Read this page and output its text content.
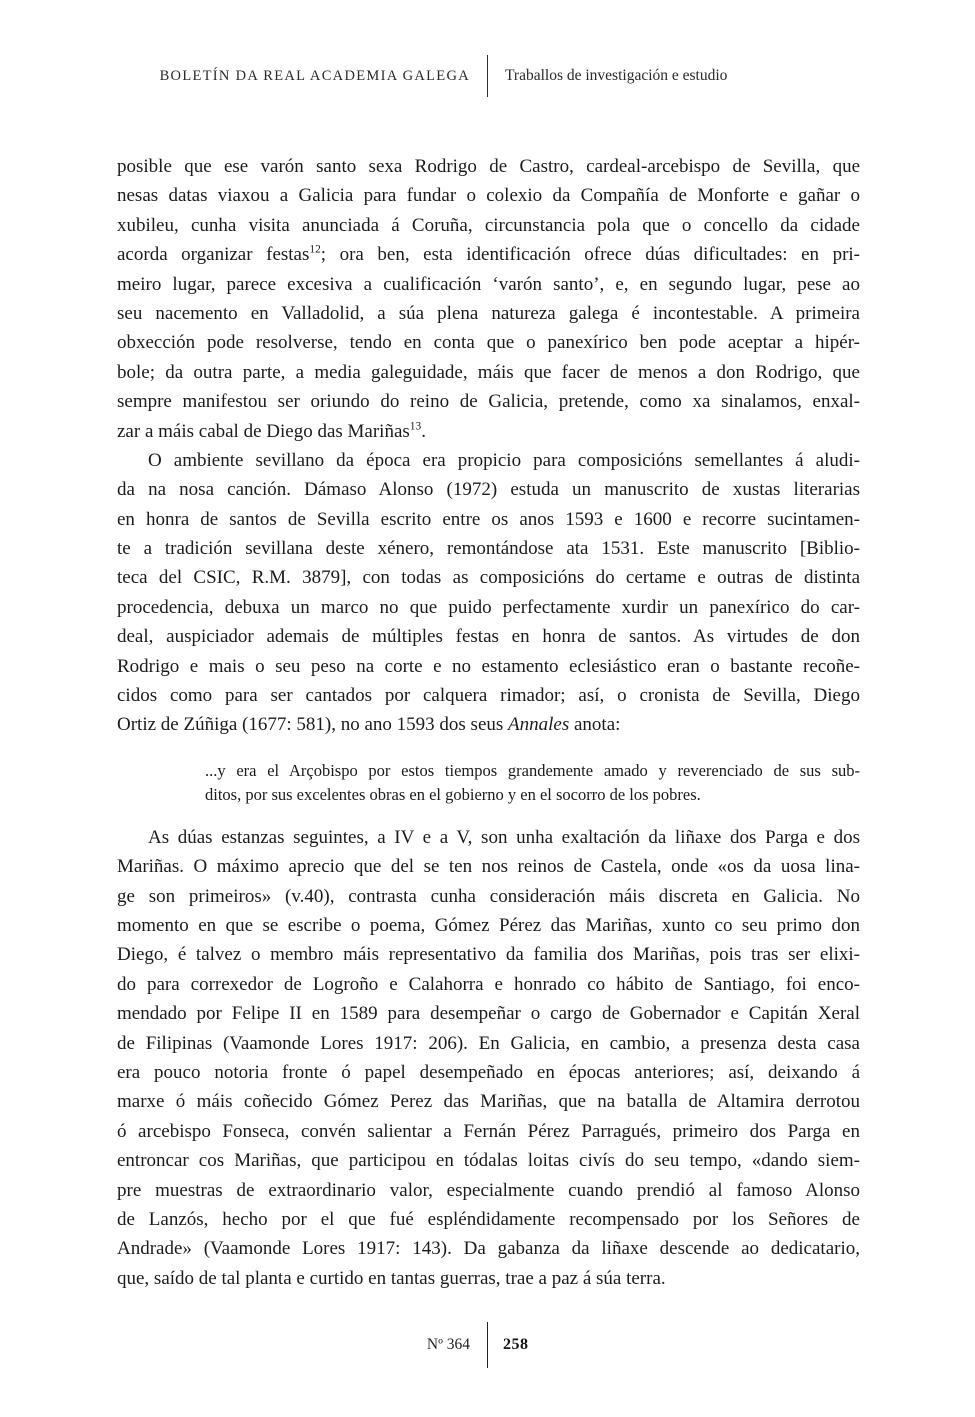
BOLETÍN DA REAL ACADEMIA GALEGA Traballos de investigación e estudio
posible que ese varón santo sexa Rodrigo de Castro, cardeal-arcebispo de Sevilla, que
nesas datas viaxou a Galicia para fundar o colexio da Compañía de Monforte e gañar o
xubileu, cunha visita anunciada á Coruña, circunstancia pola que o concello da cidade
acorda organizar festas$^{12}$; ora ben, esta identificación ofrece dúas dificultades: en pri-
meiro lugar, parece excesiva a cualificación ‘varón santo’, e, en segundo lugar, pese ao
seu nacemento en Valladolid, a súa plena natureza galega é incontestable. A primeira
obxección pode resolverse, tendo en conta que o panexírico ben pode aceptar a hipér-
bole; da outra parte, a media galeguidade, máis que facer de menos a don Rodrigo, que
sempre manifestou ser oriundo do reino de Galicia, pretende, como xa sinalamos, enxal-
zar a máis cabal de Diego das Mariñas$^{13}$.
O ambiente sevillano da época era propicio para composicións semellantes á aludi-
da na nosa canción. Dámaso Alonso (1972) estuda un manuscrito de xustas literarias
en honra de santos de Sevilla escrito entre os anos 1593 e 1600 e recorre sucintamen-
te a tradición sevillana deste xénero, remontándose ata 1531. Este manuscrito [Biblio-
teca del CSIC, R.M. 3879], con todas as composicións do certame e outras de distinta
procedencia, debuxa un marco no que puido perfectamente xurdir un panexírico do car-
deal, auspiciador ademais de múltiples festas en honra de santos. As virtudes de don
Rodrigo e mais o seu peso na corte e no estamento eclesiástico eran o bastante recoñe-
cidos como para ser cantados por calquera rimador; así, o cronista de Sevilla, Diego
Ortiz de Zúñiga (1677: 581), no ano 1593 dos seus Annales anota:
...y era el Arçobispo por estos tiempos grandemente amado y reverenciado de sus sub-
ditos, por sus excelentes obras en el gobierno y en el socorro de los pobres.
As dúas estanzas seguintes, a IV e a V, son unha exaltación da liñaxe dos Parga e dos
Mariñas. O máximo aprecio que del se ten nos reinos de Castela, onde «os da uosa lina-
ge son primeiros» (v.40), contrasta cunha consideración máis discreta en Galicia. No
momento en que se escribe o poema, Gómez Pérez das Mariñas, xunto co seu primo don
Diego, é talvez o membro máis representativo da familia dos Mariñas, pois tras ser elixi-
do para correxedor de Logroño e Calahorra e honrado co hábito de Santiago, foi enco-
mendado por Felipe II en 1589 para desempeñar o cargo de Gobernador e Capitán Xeral
de Filipinas (Vaamonde Lores 1917: 206). En Galicia, en cambio, a presenza desta casa
era pouco notoria fronte ó papel desempeñado en épocas anteriores; así, deixando á
marxe ó máis coñecido Gómez Perez das Mariñas, que na batalla de Altamira derrotou
ó arcebispo Fonseca, convén salientar a Fernán Pérez Parragués, primeiro dos Parga en
entroncar cos Mariñas, que participou en tódalas loitas civís do seu tempo, «dando siem-
pre muestras de extraordinario valor, especialmente cuando prendió al famoso Alonso
de Lanzós, hecho por el que fué espléndidamente recompensado por los Señores de
Andrade» (Vaamonde Lores 1917: 143). Da gabanza da liñaxe descende ao dedicatario,
que, saído de tal planta e curtido en tantas guerras, trae a paz á súa terra.
Nº 364 258
